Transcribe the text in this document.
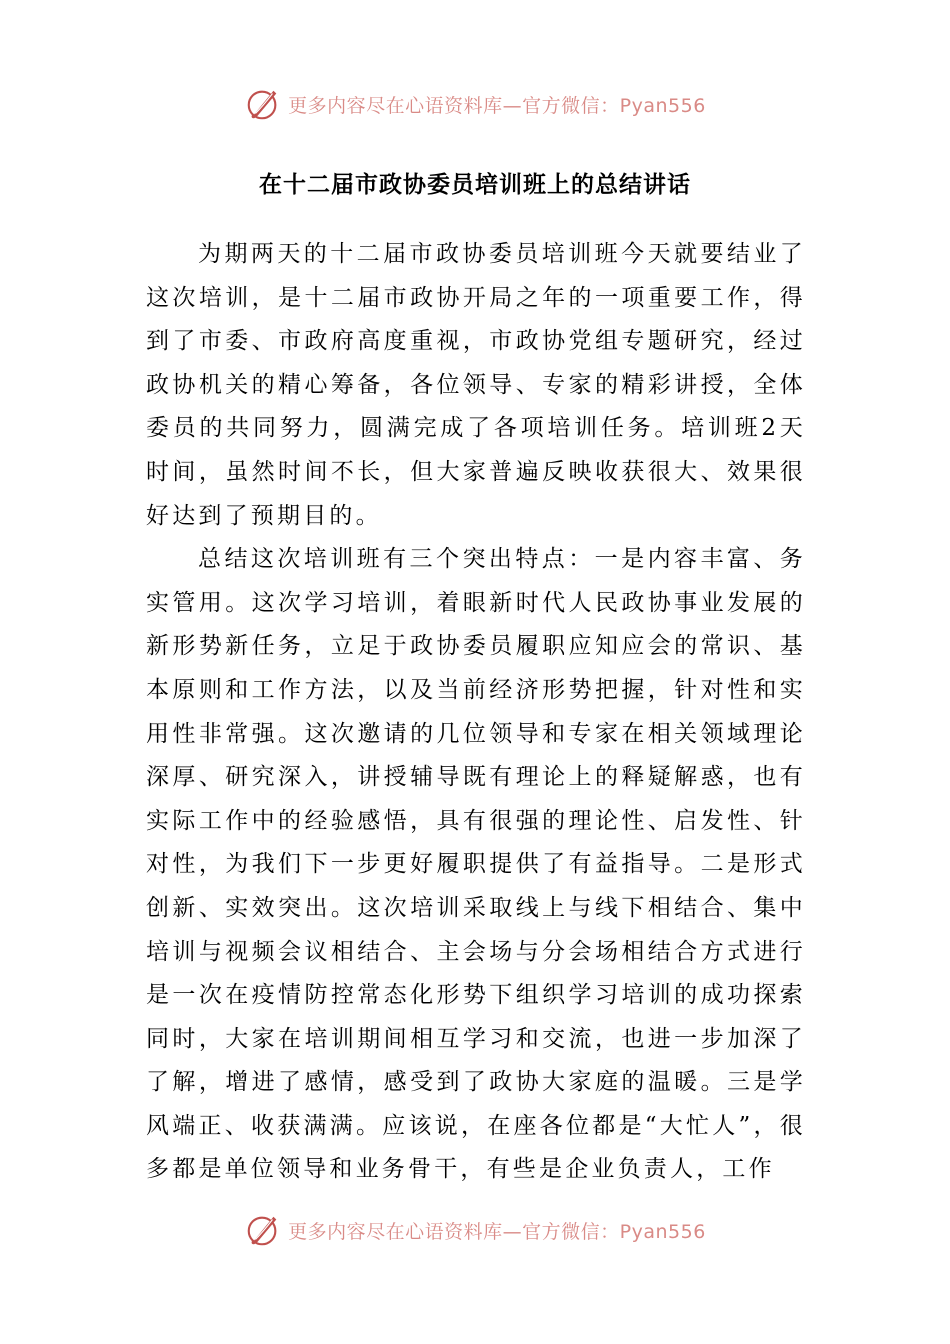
更多内容尽在心语资料库—官方微信：Pyan556
在十二届市政协委员培训班上的总结讲话

为期两天的十二届市政协委员培训班今天就要结业了这次培训，是十二届市政协开局之年的一项重要工作，得到了市委、市政府高度重视，市政协党组专题研究，经过政协机关的精心筹备，各位领导、专家的精彩讲授，全体委员的共同努力，圆满完成了各项培训任务。培训班2天时间，虽然时间不长，但大家普遍反映收获很大、效果很好达到了预期目的。

总结这次培训班有三个突出特点：一是内容丰富、务实管用。这次学习培训，着眼新时代人民政协事业发展的新形势新任务，立足于政协委员履职应知应会的常识、基本原则和工作方法，以及当前经济形势把握，针对性和实用性非常强。这次邀请的几位领导和专家在相关领域理论深厚、研究深入，讲授辅导既有理论上的释疑解惑，也有实际工作中的经验感悟，具有很强的理论性、启发性、针对性，为我们下一步更好履职提供了有益指导。二是形式创新、实效突出。这次培训采取线上与线下相结合、集中培训与视频会议相结合、主会场与分会场相结合方式进行是一次在疫情防控常态化形势下组织学习培训的成功探索同时，大家在培训期间相互学习和交流，也进一步加深了了解，增进了感情，感受到了政协大家庭的温暖。三是学风端正、收获满满。应该说，在座各位都是“大忙人”，很多都是单位领导和业务骨干，有些是企业负责人，工作

更多内容尽在心语资料库—官方微信：Pyan556
